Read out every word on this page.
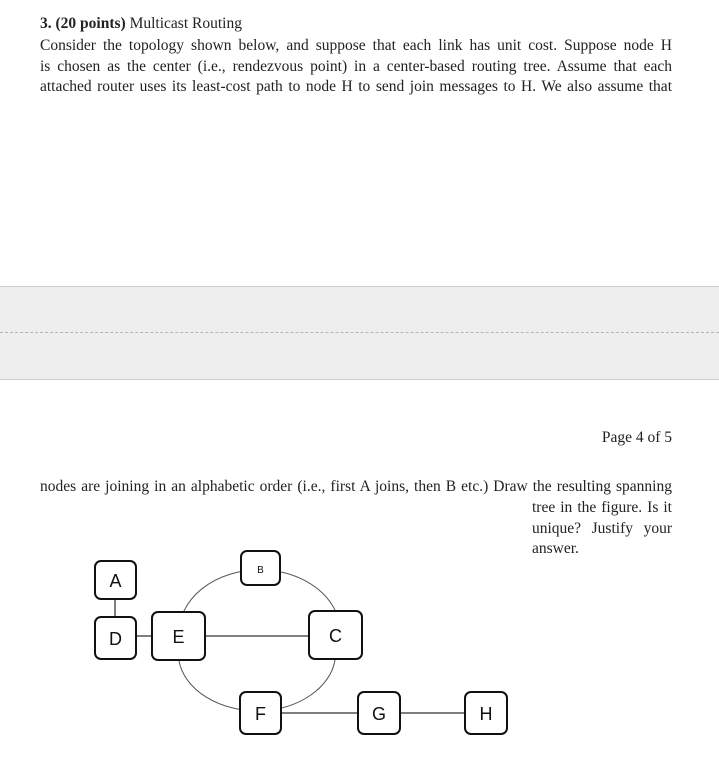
3. (20 points) Multicast Routing
Consider the topology shown below, and suppose that each link has unit cost. Suppose node H
is chosen as the center (i.e., rendezvous point) in a center-based routing tree. Assume that each
attached router uses its least-cost path to node H to send join messages to H. We also assume that
Page 4 of 5
nodes are joining in an alphabetic order (i.e., first A joins, then B etc.) Draw the resulting spanning
tree in the figure. Is it
unique? Justify your
answer.
A
B
C
D	E
F	G	H
